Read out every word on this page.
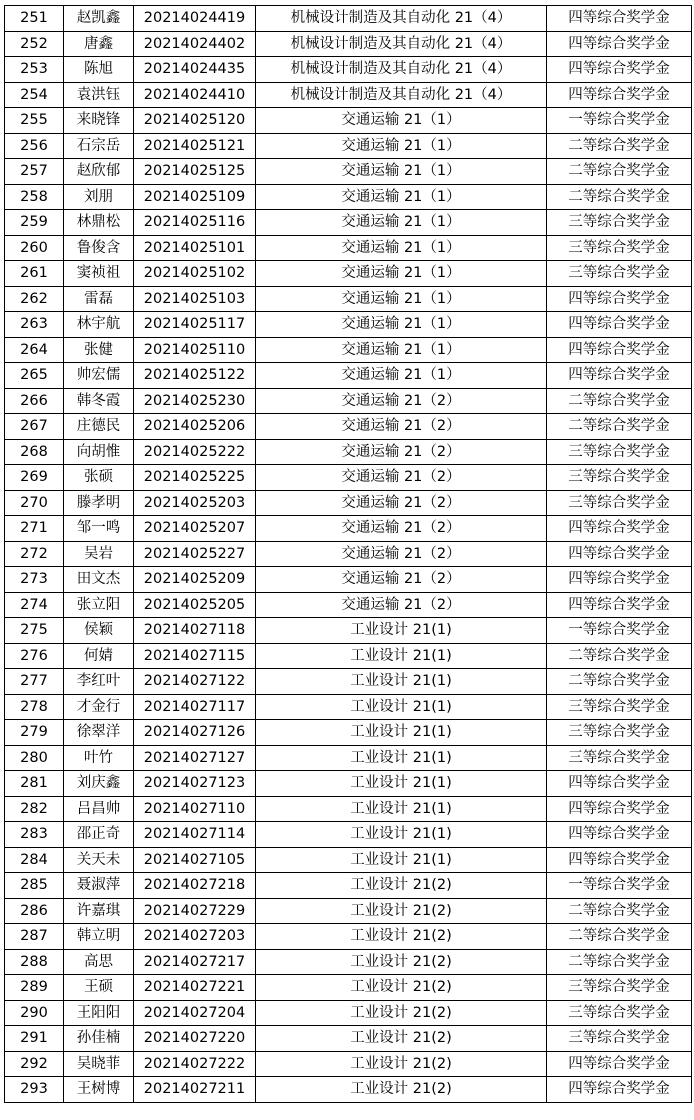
251	赵凯鑫	20214024419	机械设计制造及其自动化 21（4）	四等综合奖学金
252	唐鑫	20214024402	机械设计制造及其自动化 21（4）	四等综合奖学金
253	陈旭	20214024435	机械设计制造及其自动化 21（4）	四等综合奖学金
254	袁洪钰	20214024410	机械设计制造及其自动化 21（4）	四等综合奖学金
255	来晓锋	20214025120	交通运输 21（1）	一等综合奖学金
256	石宗岳	20214025121	交通运输 21（1）	二等综合奖学金
257	赵欣郁	20214025125	交通运输 21（1）	二等综合奖学金
258	刘朋	20214025109	交通运输 21（1）	二等综合奖学金
259	林鼎松	20214025116	交通运输 21（1）	三等综合奖学金
260	鲁俊含	20214025101	交通运输 21（1）	三等综合奖学金
261	窦祯祖	20214025102	交通运输 21（1）	三等综合奖学金
262	雷磊	20214025103	交通运输 21（1）	四等综合奖学金
263	林宇航	20214025117	交通运输 21（1）	四等综合奖学金
264	张健	20214025110	交通运输 21（1）	四等综合奖学金
265	帅宏儒	20214025122	交通运输 21（1）	四等综合奖学金
266	韩冬霞	20214025230	交通运输 21（2）	二等综合奖学金
267	庄德民	20214025206	交通运输 21（2）	二等综合奖学金
268	向胡惟	20214025222	交通运输 21（2）	三等综合奖学金
269	张硕	20214025225	交通运输 21（2）	三等综合奖学金
270	滕孝明	20214025203	交通运输 21（2）	三等综合奖学金
271	邹一鸣	20214025207	交通运输 21（2）	四等综合奖学金
272	吴岩	20214025227	交通运输 21（2）	四等综合奖学金
273	田文杰	20214025209	交通运输 21（2）	四等综合奖学金
274	张立阳	20214025205	交通运输 21（2）	四等综合奖学金
275	侯颖	20214027118	工业设计 21(1)	一等综合奖学金
276	何婧	20214027115	工业设计 21(1)	二等综合奖学金
277	李红叶	20214027122	工业设计 21(1)	二等综合奖学金
278	才金行	20214027117	工业设计 21(1)	三等综合奖学金
279	徐翠洋	20214027126	工业设计 21(1)	三等综合奖学金
280	叶竹	20214027127	工业设计 21(1)	三等综合奖学金
281	刘庆鑫	20214027123	工业设计 21(1)	四等综合奖学金
282	吕昌帅	20214027110	工业设计 21(1)	四等综合奖学金
283	邵正奇	20214027114	工业设计 21(1)	四等综合奖学金
284	关天未	20214027105	工业设计 21(1)	四等综合奖学金
285	聂淑萍	20214027218	工业设计 21(2)	一等综合奖学金
286	许嘉琪	20214027229	工业设计 21(2)	二等综合奖学金
287	韩立明	20214027203	工业设计 21(2)	二等综合奖学金
288	高思	20214027217	工业设计 21(2)	二等综合奖学金
289	王硕	20214027221	工业设计 21(2)	三等综合奖学金
290	王阳阳	20214027204	工业设计 21(2)	三等综合奖学金
291	孙佳楠	20214027220	工业设计 21(2)	三等综合奖学金
292	吴晓菲	20214027222	工业设计 21(2)	四等综合奖学金
293	王树博	20214027211	工业设计 21(2)	四等综合奖学金
